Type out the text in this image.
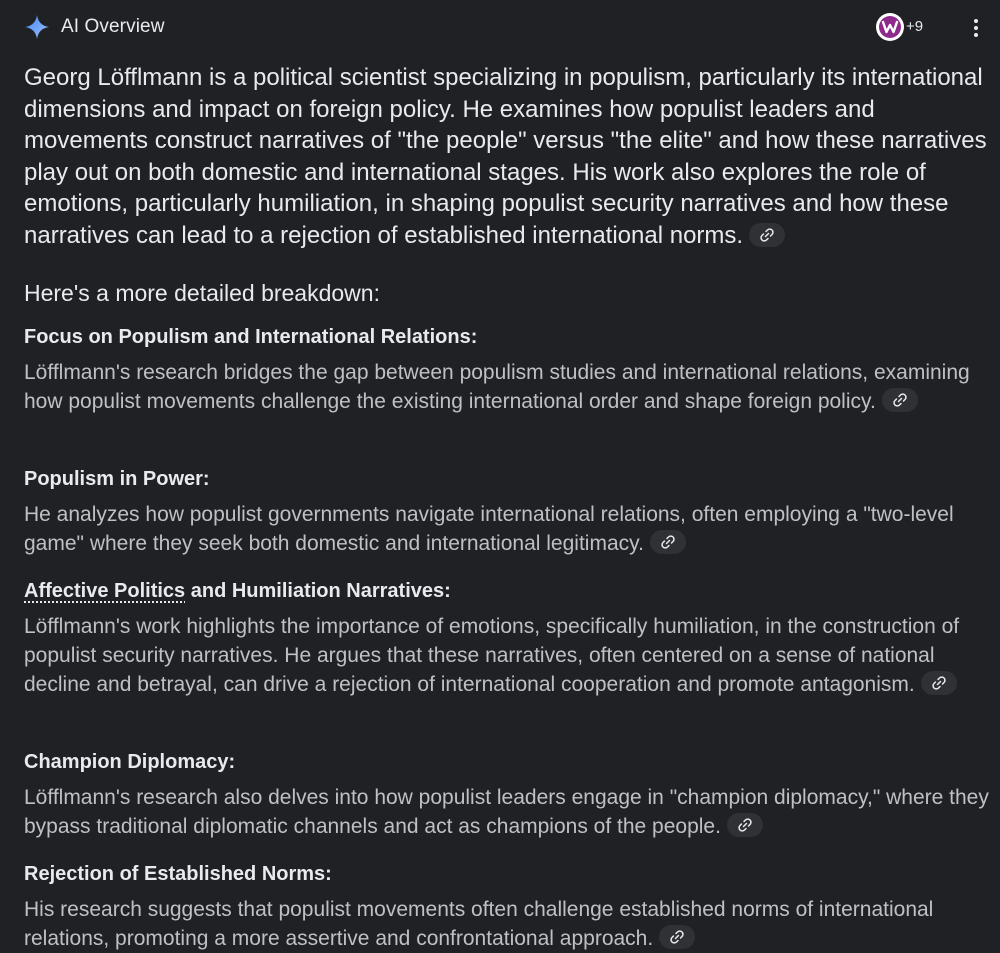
AI Overview	+9

Georg Löfflmann is a political scientist specializing in populism, particularly its international dimensions and impact on foreign policy. He examines how populist leaders and movements construct narratives of "the people" versus "the elite" and how these narratives play out on both domestic and international stages. His work also explores the role of emotions, particularly humiliation, in shaping populist security narratives and how these narratives can lead to a rejection of established international norms.

Here's a more detailed breakdown:

Focus on Populism and International Relations:

Löfflmann's research bridges the gap between populism studies and international relations, examining how populist movements challenge the existing international order and shape foreign policy.

Populism in Power:

He analyzes how populist governments navigate international relations, often employing a "two-level game" where they seek both domestic and international legitimacy.

Affective Politics and Humiliation Narratives:

Löfflmann's work highlights the importance of emotions, specifically humiliation, in the construction of populist security narratives. He argues that these narratives, often centered on a sense of national decline and betrayal, can drive a rejection of international cooperation and promote antagonism.

Champion Diplomacy:

Löfflmann's research also delves into how populist leaders engage in "champion diplomacy," where they bypass traditional diplomatic channels and act as champions of the people.

Rejection of Established Norms:

His research suggests that populist movements often challenge established norms of international relations, promoting a more assertive and confrontational approach.
